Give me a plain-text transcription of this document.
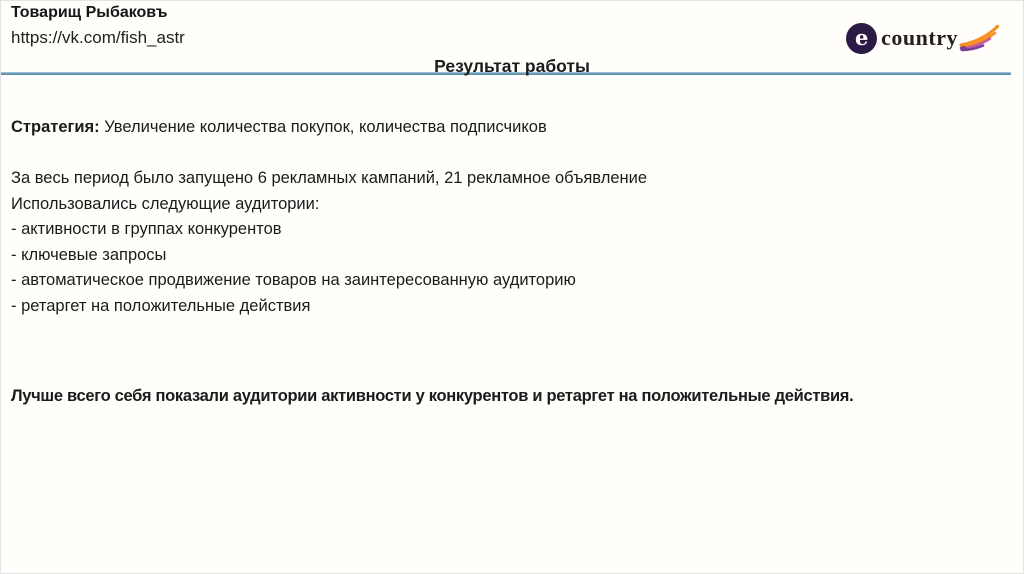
Товарищ Рыбаковъ
https://vk.com/fish_astr	e country
Результат работы

Стратегия: Увеличение количества покупок, количества подписчиков

За весь период было запущено 6 рекламных кампаний, 21 рекламное объявление

Использовались следующие аудитории:

- активности в группах конкурентов

- ключевые запросы

- автоматическое продвижение товаров на заинтересованную аудиторию

- ретаргет на положительные действия

Лучше всего себя показали аудитории активности у конкурентов и ретаргет на положительные действия.
